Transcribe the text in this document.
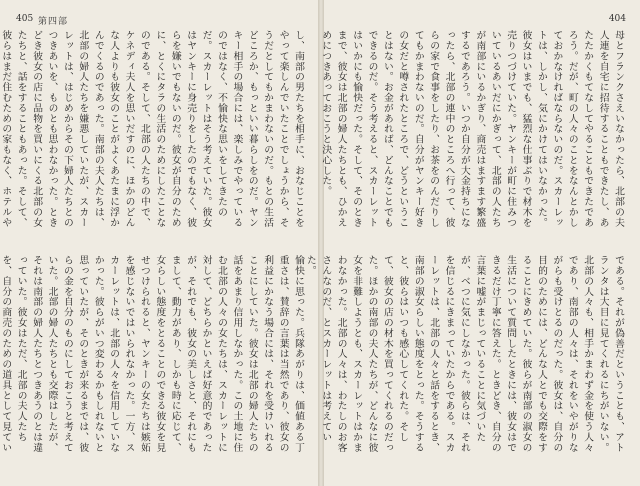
405 第四部
し、南部の男たちを相手に、おなじことをやって楽しんでいたことでしょうから、そうだとしてもかまわないのだ。もとの生活どころか、もっといい暮らしをのだ。ヤンキー相手の場合には、楽しみでやっているのではなく、不愉快な思いをしてきたのだ。スカーレットはそう考えていた。彼女はヤンキーに身売りをしたのでもなく、彼らを嫌いでもないのだ。彼女が自分のために、とくにタラの生活のためにしたことなのである。そして、北部の人たちの中で、ケネディ夫人を思いだすのに、ほかのどんな人よりも彼女のことがよくあたまに浮かんでくるのであった。南部の夫人たちは、北部の婦人たちを嫌悪していたが、スカーレットは、はじめからその下婦人たちとのつきあいを、ものとも思わなかった。ときどき彼女の店に品物を買いにくる北部の女たちと、話をすることもあった。そして、彼らはまだ住むための家もなく、ホテルや
愉快に思った。兵隊あがりは、価値ある丁重さは、賛辞の言葉は当然であり、彼女の利益にかなう場合には、それを受けいれることにしていた。彼女は北部の婦人たちの話をあまり信用しなかった。この土地に住む北部の人々の女たちは、スカーレットに対して、どちらかといえば好意的であったが、それでも、彼女の美しさと、それにもまして、動力があり、しかも時に応じて、女らしい態度をとることのできる彼女を見せつけられると、ヤンキーの女たちは嫉妬を感じないではいられなかった。一方、スカーレットは、北部の人々を信用していなかった。彼らがいつ変わるかもしれないと思っていたが、そのときが来るまでは、彼らの金を自分のものにしておこうと考えていた。北部の婦人たちとも交際はしたが、それは南部の婦人たちとつきあうのとは違っていた。彼女はただ、北部の夫人たちを、自分の商売のための道具として見てい
404
母とフランクさえいなかったら、北部の夫人連を自宅に招待することもできたし、あたたかくもてなしてやることもできたであろう。だが、町の人々のことをなんとかしておかなければならないのだ。スカーレットは、しかし、気にかけてはいなかった。彼女はいまでも、猛烈な仕事ぶりで材木を売りつづけていた。ヤンキーが町に住みついているあいだにかぎって、北部の人たちが南部にいるかぎり、商売はますます繁盛するであろう。いつか自分が大金持ちになったら、北部の連中のところへ行って、彼らの家で食事をしたり、お茶をのんだりしてもかまわないのだ。自分がヤンキー好きの女だと噂されたところで、どうということはない。お金があれば、どんなことでもできるのだ。そう考えると、スカーレットはいかにも愉快だった。そして、そのときまで、彼女は北部の婦人たちとも、ひかえめにつきあっておこうと決心した。
である。それが偽善だということも、アトランタは大目に見てくれるにちがいない。北部の人々も、相手かまわず金を使う人々であり、南部の人々は、それをいやがりながらも受けとるのだった。彼女は、自分の目的のためには、どんな人とでも交際をすることにきめていた。彼らが南部の淑女の生活について質問したときには、彼女はできるだけ丁寧に答えた。ときどき、自分の言葉に嘘がまじっていることに気づいたが、べつに気にしなかった。彼らは、それを信じるにきまっていたからである。スカーレットは、北部の人々と話をするとき、南部の淑女らしい態度をとった。そうすると、彼らはいつも感心してくれた。そして、彼女の店の材木を買ってくれるのだった。ほかの南部の夫人たちが、どんなに彼女を非難しようとも、スカーレットはかまわなかった。北部の人々は、わたしのお客さんなのだ、とスカーレットは考えていた。
